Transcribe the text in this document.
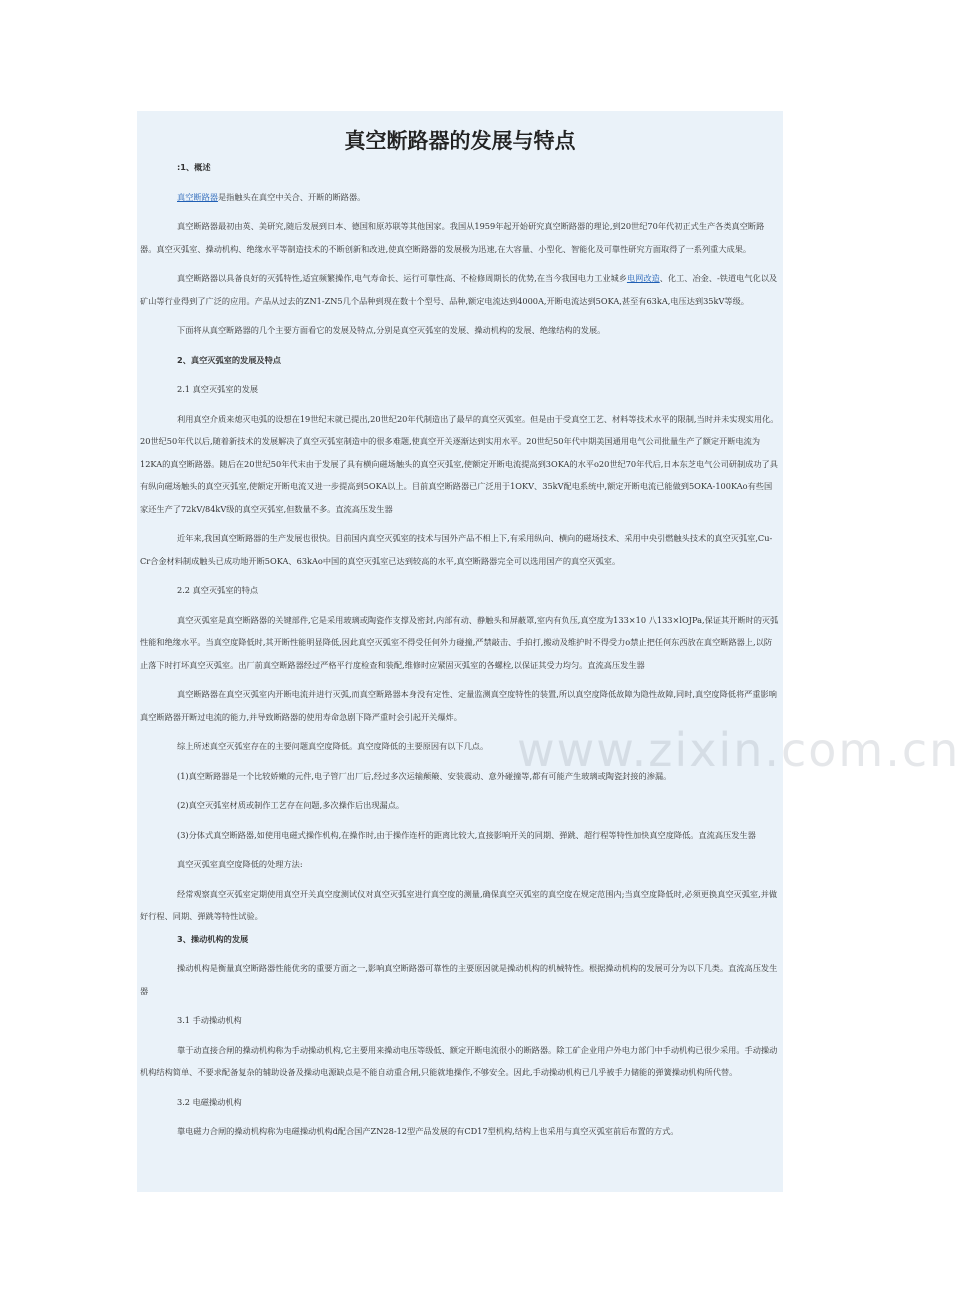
真空断路器的发展与特点

:1、概述

真空断路器是指触头在真空中关合、开断的断路器。

真空断路器最初由英、美研究,随后发展到日本、德国和原苏联等其他国家。我国从1959年起开始研究真空断路器的理论,到20世纪70年代初正式生产各类真空断路器。真空灭弧室、操动机构、绝缘水平等制造技术的不断创新和改进,使真空断路器的发展极为迅速,在大容量、小型化、智能化及可靠性研究方面取得了一系列重大成果。

真空断路器以具备良好的灭弧特性,适宜频繁操作,电气寿命长、运行可靠性高、不检修周期长的优势,在当今我国电力工业城乡电网改造、化工、冶金、-铁道电气化以及矿山等行业得到了广泛的应用。产品从过去的ZN1-ZN5几个品种到现在数十个型号、品种,额定电流达到4000A,开断电流达到5OKA,甚至有63kA,电压达到35kV等级。

下面将从真空断路器的几个主要方面看它的发展及特点,分别是真空灭弧室的发展、操动机构的发展、绝缘结构的发展。

2、真空灭弧室的发展及特点

2.1 真空灭弧室的发展

利用真空介质来熄灭电弧的设想在19世纪末就已提出,20世纪20年代制造出了最早的真空灭弧室。但是由于受真空工艺、材料等技术水平的限制,当时并未实现实用化。20世纪50年代以后,随着新技术的发展解决了真空灭弧室制造中的很多难题,使真空开关逐渐达到实用水平。20世纪50年代中期美国通用电气公司批量生产了额定开断电流为12KA的真空断路器。随后在20世纪50年代末由于发展了具有横向磁场触头的真空灭弧室,使额定开断电流提高到3OKA的水平o20世纪70年代后,日本东芝电气公司研制成功了具有纵向磁场触头的真空灭弧室,使额定开断电流又进一步提高到5OKA以上。目前真空断路器已广泛用于1OKV、35kV配电系统中,额定开断电流已能做到5OKA-100KAo有些国家还生产了72kV/84kV级的真空灭弧室,但数量不多。直流高压发生器

近年来,我国真空断路器的生产发展也很快。目前国内真空灭弧室的技术与国外产品不相上下,有采用纵向、横向的磁场技术、采用中央引燃触头技术的真空灭弧室,Cu-Cr合金材料制成触头已成功地开断5OKA、63kAo中国的真空灭弧室已达到较高的水平,真空断路器完全可以选用国产的真空灭弧室。

2.2 真空灭弧室的特点

真空灭弧室是真空断路器的关键部件,它是采用玻璃或陶瓷作支撑及密封,内部有动、静触头和屏蔽罩,室内有负压,真空度为133×10 八133×lOJPa,保证其开断时的灭弧性能和绝缘水平。当真空度降低时,其开断性能明显降低,因此真空灭弧室不得受任何外力碰撞,严禁敲击、手拍打,搬动及维护时不得受力o禁止把任何东西放在真空断路器上,以防止落下时打坏真空灭弧室。出厂前真空断路器经过严格平行度检查和装配,维修时应紧固灭弧室的各螺栓,以保证其受力均匀。直流高压发生器

真空断路器在真空灭弧室内开断电流并进行灭弧,而真空断路器本身没有定性、定量监测真空度特性的装置,所以真空度降低故障为隐性故障,同时,真空度降低将严重影响真空断路器开断过电流的能力,并导致断路器的使用寿命急剧下降严重时会引起开关爆炸。

综上所述真空灭弧室存在的主要问题真空度降低。真空度降低的主要原因有以下几点。

(1)真空断路器是一个比较娇嫩的元件,电子管厂出厂后,经过多次运输颠簸、安装震动、意外碰撞等,都有可能产生玻璃或陶瓷封接的渗漏。

(2)真空灭弧室材质或制作工艺存在问题,多次操作后出现漏点。

(3)分体式真空断路器,如使用电磁式操作机构,在操作时,由于操作连杆的距离比较大,直接影响开关的同期、弹跳、超行程等特性加快真空度降低。直流高压发生器

真空灭弧室真空度降低的处理方法:

经常观察真空灭弧室定期使用真空开关真空度测试仪对真空灭弧室进行真空度的测量,确保真空灭弧室的真空度在规定范围内;当真空度降低时,必须更换真空灭弧室,并做好行程、同期、弹跳等特性试验。

3、操动机构的发展

操动机构是衡量真空断路器性能优劣的重要方面之一,影响真空断路器可靠性的主要原因就是操动机构的机械特性。根据操动机构的发展可分为以下几类。直流高压发生器

3.1 手动操动机构

靠于动直接合闸的操动机构称为手动操动机构,它主要用来操动电压等级低、额定开断电流很小的断路器。除工矿企业用户外电力部门中手动机构已很少采用。手动操动机构结构简单、不要求配备复杂的辅助设备及操动电源缺点是不能自动重合闸,只能就地操作,不够安全。因此,手动操动机构已几乎被手力储能的弹簧操动机构所代替。

3.2 电磁操动机构

靠电磁力合闸的操动机构称为电磁操动机构d配合国产ZN28-12型产品发展的有CD17型机构,结构上也采用与真空灭弧室前后布置的方式。

www.zixin.com.cn
